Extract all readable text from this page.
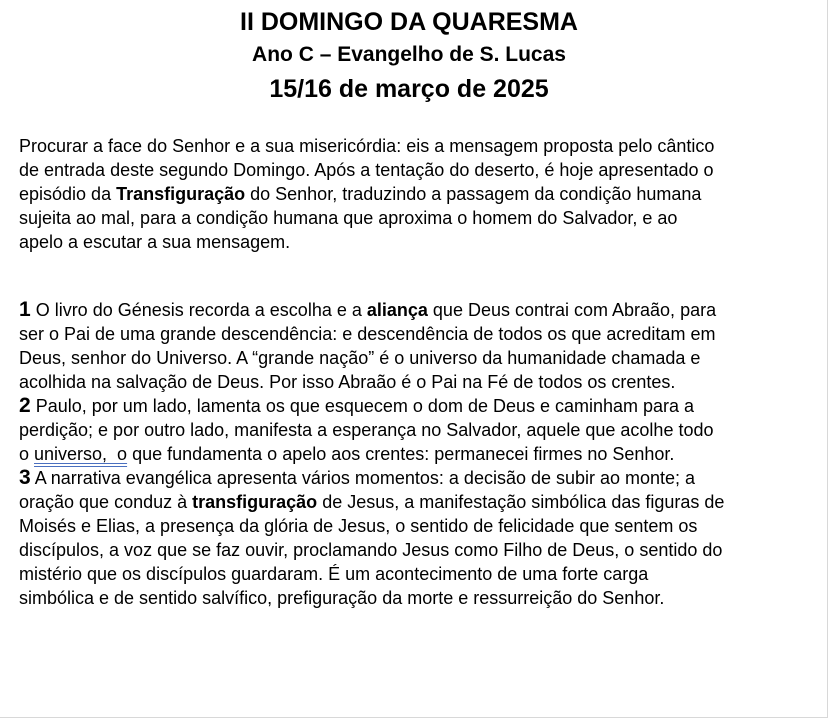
II DOMINGO DA QUARESMA
Ano C – Evangelho de S. Lucas
15/16 de março de 2025
Procurar a face do Senhor e a sua misericórdia: eis a mensagem proposta pelo cântico
de entrada deste segundo Domingo. Após a tentação do deserto, é hoje apresentado o
episódio da Transfiguração do Senhor, traduzindo a passagem da condição humana
sujeita ao mal, para a condição humana que aproxima o homem do Salvador, e ao
apelo a escutar a sua mensagem.
1 O livro do Génesis recorda a escolha e a aliança que Deus contrai com Abraão, para
ser o Pai de uma grande descendência: e descendência de todos os que acreditam em
Deus, senhor do Universo. A “grande nação” é o universo da humanidade chamada e
acolhida na salvação de Deus. Por isso Abraão é o Pai na Fé de todos os crentes.
2 Paulo, por um lado, lamenta os que esquecem o dom de Deus e caminham para a
perdição; e por outro lado, manifesta a esperança no Salvador, aquele que acolhe todo
o universo,  o que fundamenta o apelo aos crentes: permanecei firmes no Senhor.
3 A narrativa evangélica apresenta vários momentos: a decisão de subir ao monte; a
oração que conduz à transfiguração de Jesus, a manifestação simbólica das figuras de
Moisés e Elias, a presença da glória de Jesus, o sentido de felicidade que sentem os
discípulos, a voz que se faz ouvir, proclamando Jesus como Filho de Deus, o sentido do
mistério que os discípulos guardaram. É um acontecimento de uma forte carga
simbólica e de sentido salvífico, prefiguração da morte e ressurreição do Senhor.
